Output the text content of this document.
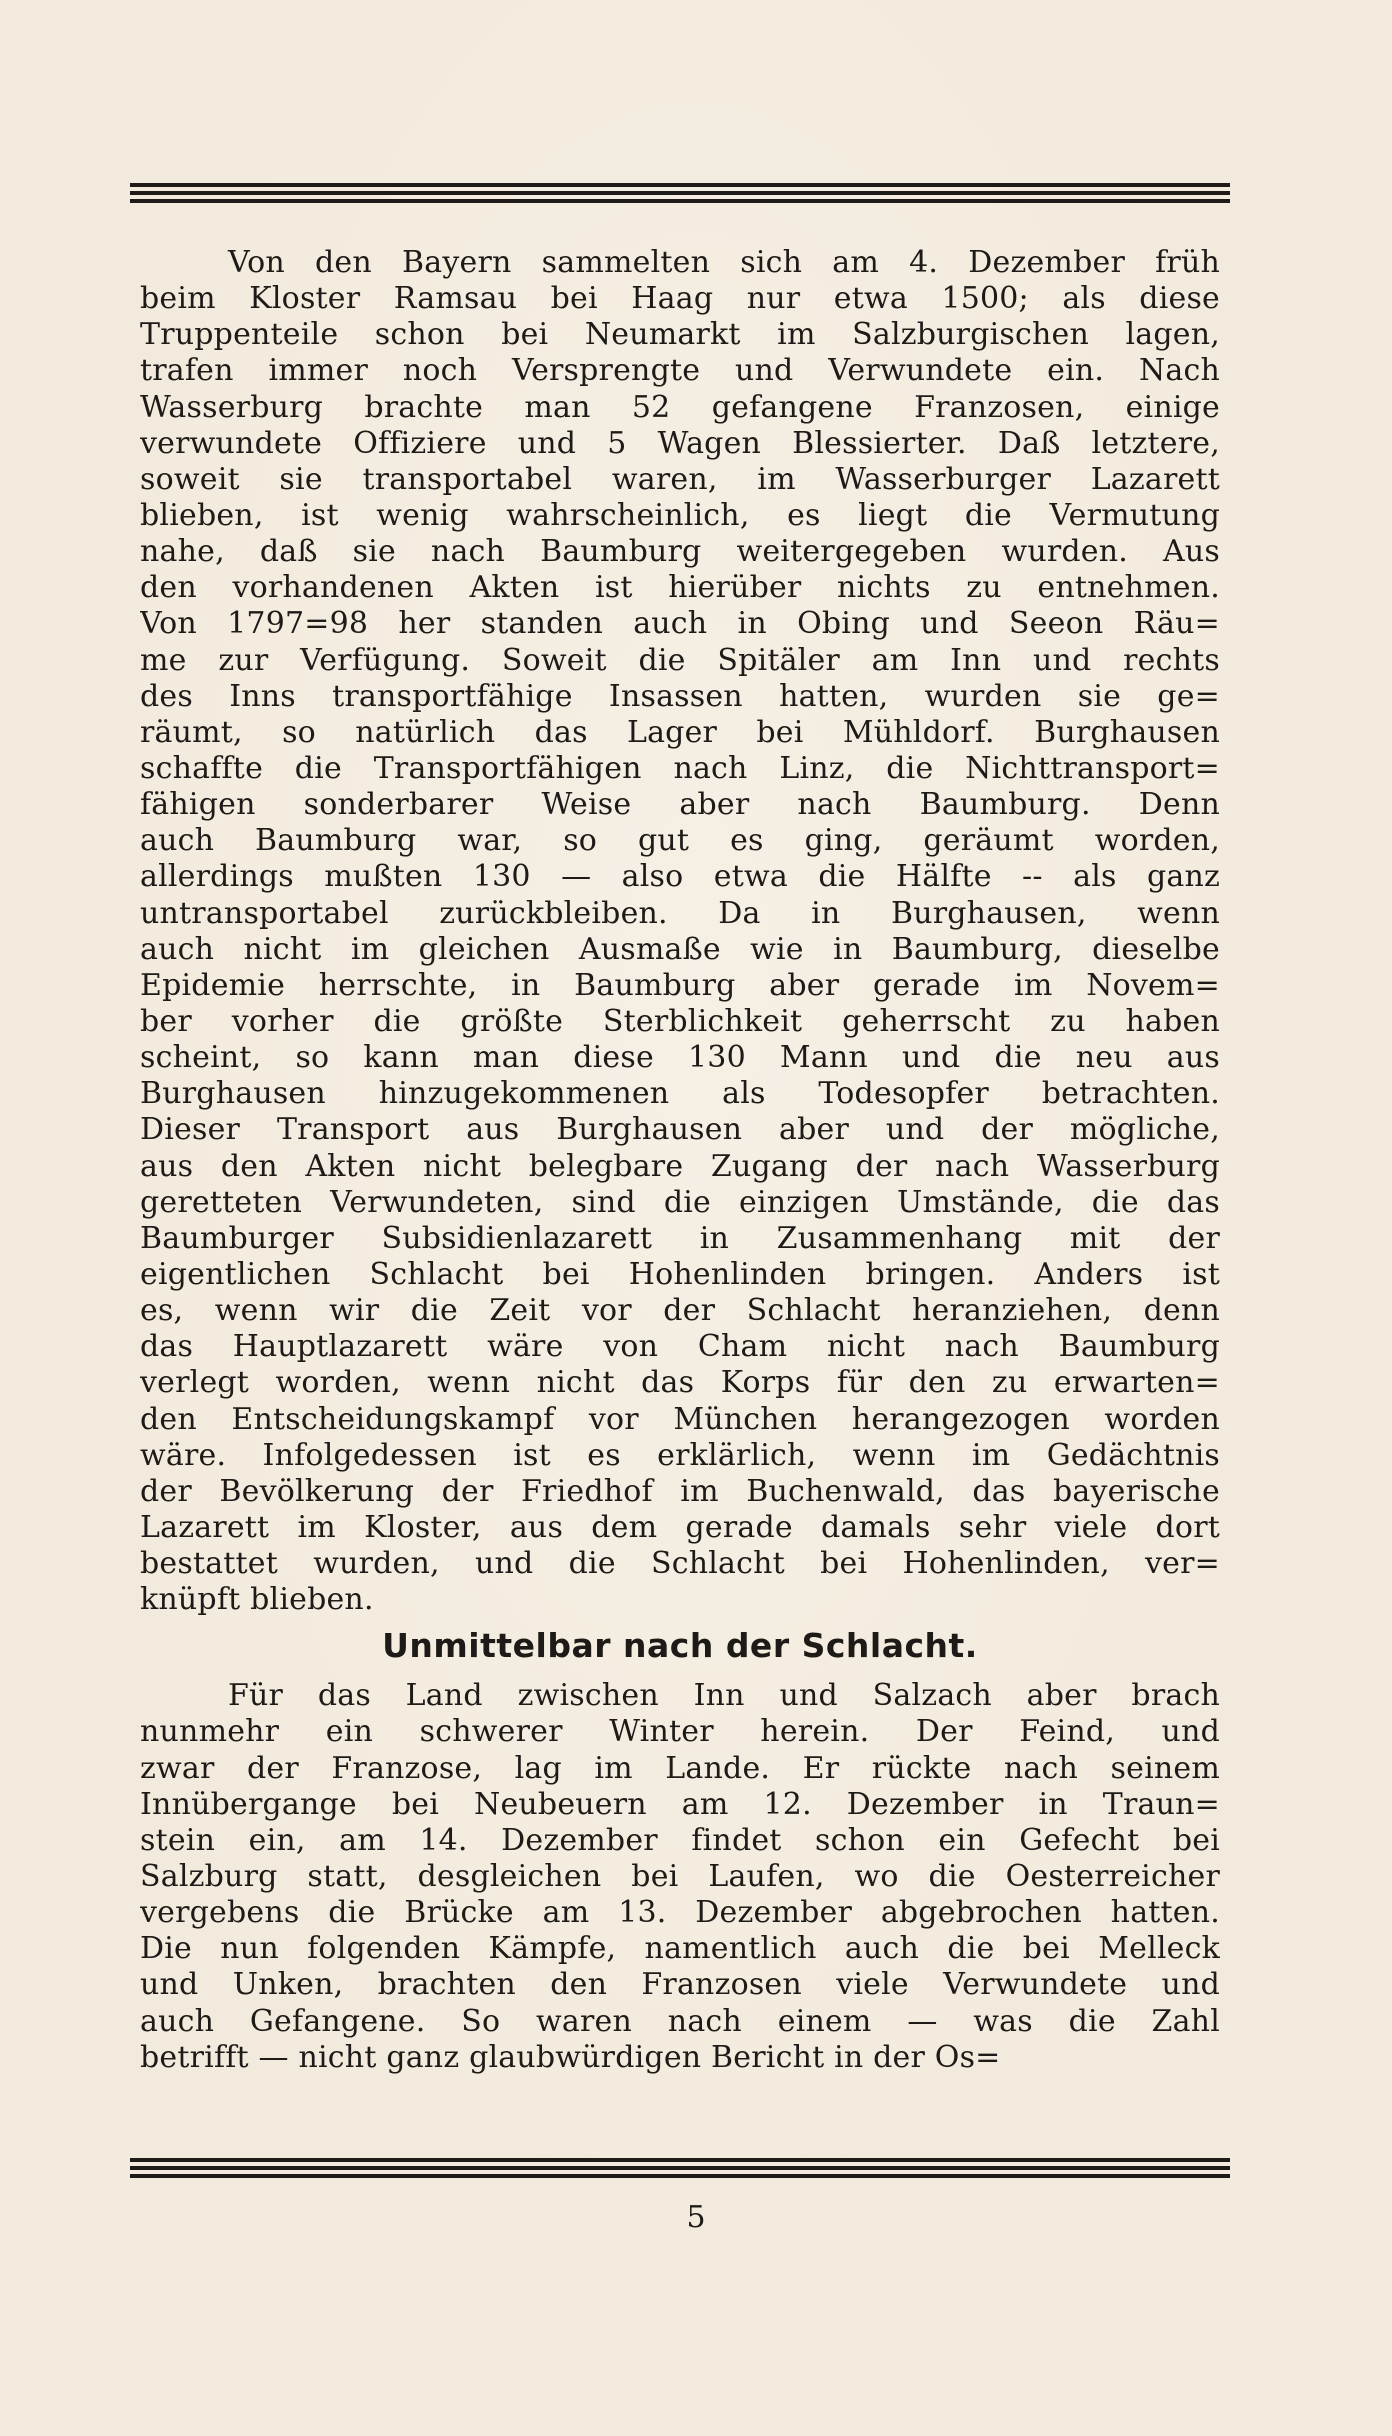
Von den Bayern sammelten sich am 4. Dezember früh
beim Kloster Ramsau bei Haag nur etwa 1500; als diese
Truppenteile schon bei Neumarkt im Salzburgischen lagen,
trafen immer noch Versprengte und Verwundete ein. Nach
Wasserburg brachte man 52 gefangene Franzosen, einige
verwundete Offiziere und 5 Wagen Blessierter. Daß letztere,
soweit sie transportabel waren, im Wasserburger Lazarett
blieben, ist wenig wahrscheinlich, es liegt die Vermutung
nahe, daß sie nach Baumburg weitergegeben wurden. Aus
den vorhandenen Akten ist hierüber nichts zu entnehmen.
Von 1797=98 her standen auch in Obing und Seeon Räu=
me zur Verfügung. Soweit die Spitäler am Inn und rechts
des Inns transportfähige Insassen hatten, wurden sie ge=
räumt, so natürlich das Lager bei Mühldorf. Burghausen
schaffte die Transportfähigen nach Linz, die Nichttransport=
fähigen sonderbarer Weise aber nach Baumburg. Denn
auch Baumburg war, so gut es ging, geräumt worden,
allerdings mußten 130 — also etwa die Hälfte -- als ganz
untransportabel zurückbleiben. Da in Burghausen, wenn
auch nicht im gleichen Ausmaße wie in Baumburg, dieselbe
Epidemie herrschte, in Baumburg aber gerade im Novem=
ber vorher die größte Sterblichkeit geherrscht zu haben
scheint, so kann man diese 130 Mann und die neu aus
Burghausen hinzugekommenen als Todesopfer betrachten.
Dieser Transport aus Burghausen aber und der mögliche,
aus den Akten nicht belegbare Zugang der nach Wasserburg
geretteten Verwundeten, sind die einzigen Umstände, die das
Baumburger Subsidienlazarett in Zusammenhang mit der
eigentlichen Schlacht bei Hohenlinden bringen. Anders ist
es, wenn wir die Zeit vor der Schlacht heranziehen, denn
das Hauptlazarett wäre von Cham nicht nach Baumburg
verlegt worden, wenn nicht das Korps für den zu erwarten=
den Entscheidungskampf vor München herangezogen worden
wäre. Infolgedessen ist es erklärlich, wenn im Gedächtnis
der Bevölkerung der Friedhof im Buchenwald, das bayerische
Lazarett im Kloster, aus dem gerade damals sehr viele dort
bestattet wurden, und die Schlacht bei Hohenlinden, ver=
knüpft blieben.
Unmittelbar nach der Schlacht.
Für das Land zwischen Inn und Salzach aber brach
nunmehr ein schwerer Winter herein. Der Feind, und
zwar der Franzose, lag im Lande. Er rückte nach seinem
Innübergange bei Neubeuern am 12. Dezember in Traun=
stein ein, am 14. Dezember findet schon ein Gefecht bei
Salzburg statt, desgleichen bei Laufen, wo die Oesterreicher
vergebens die Brücke am 13. Dezember abgebrochen hatten.
Die nun folgenden Kämpfe, namentlich auch die bei Melleck
und Unken, brachten den Franzosen viele Verwundete und
auch Gefangene. So waren nach einem — was die Zahl
betrifft — nicht ganz glaubwürdigen Bericht in der Os=
5
